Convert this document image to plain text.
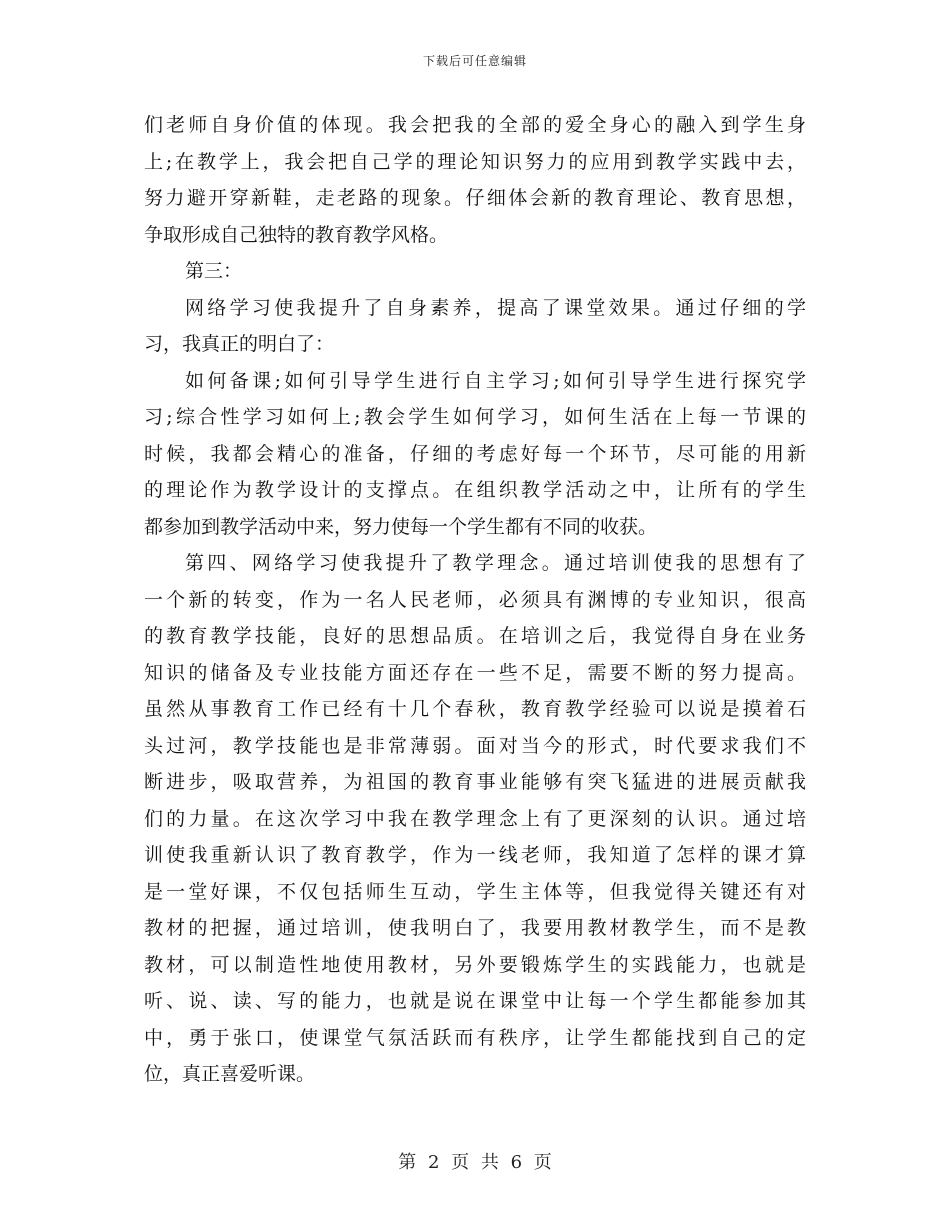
下载后可任意编辑
们老师自身价值的体现。我会把我的全部的爱全身心的融入到学生身
上;在教学上，我会把自己学的理论知识努力的应用到教学实践中去，
努力避开穿新鞋，走老路的现象。仔细体会新的教育理论、教育思想，
争取形成自己独特的教育教学风格。
第三：
网络学习使我提升了自身素养，提高了课堂效果。通过仔细的学
习，我真正的明白了：
如何备课;如何引导学生进行自主学习;如何引导学生进行探究学
习;综合性学习如何上;教会学生如何学习，如何生活在上每一节课的
时候，我都会精心的准备，仔细的考虑好每一个环节，尽可能的用新
的理论作为教学设计的支撑点。在组织教学活动之中，让所有的学生
都参加到教学活动中来，努力使每一个学生都有不同的收获。
第四、网络学习使我提升了教学理念。通过培训使我的思想有了
一个新的转变，作为一名人民老师，必须具有渊博的专业知识，很高
的教育教学技能，良好的思想品质。在培训之后，我觉得自身在业务
知识的储备及专业技能方面还存在一些不足，需要不断的努力提高。
虽然从事教育工作已经有十几个春秋，教育教学经验可以说是摸着石
头过河，教学技能也是非常薄弱。面对当今的形式，时代要求我们不
断进步，吸取营养，为祖国的教育事业能够有突飞猛进的进展贡献我
们的力量。在这次学习中我在教学理念上有了更深刻的认识。通过培
训使我重新认识了教育教学，作为一线老师，我知道了怎样的课才算
是一堂好课，不仅包括师生互动，学生主体等，但我觉得关键还有对
教材的把握，通过培训，使我明白了，我要用教材教学生，而不是教
教材，可以制造性地使用教材，另外要锻炼学生的实践能力，也就是
听、说、读、写的能力，也就是说在课堂中让每一个学生都能参加其
中，勇于张口，使课堂气氛活跃而有秩序，让学生都能找到自己的定
位，真正喜爱听课。
第 2 页 共 6 页
